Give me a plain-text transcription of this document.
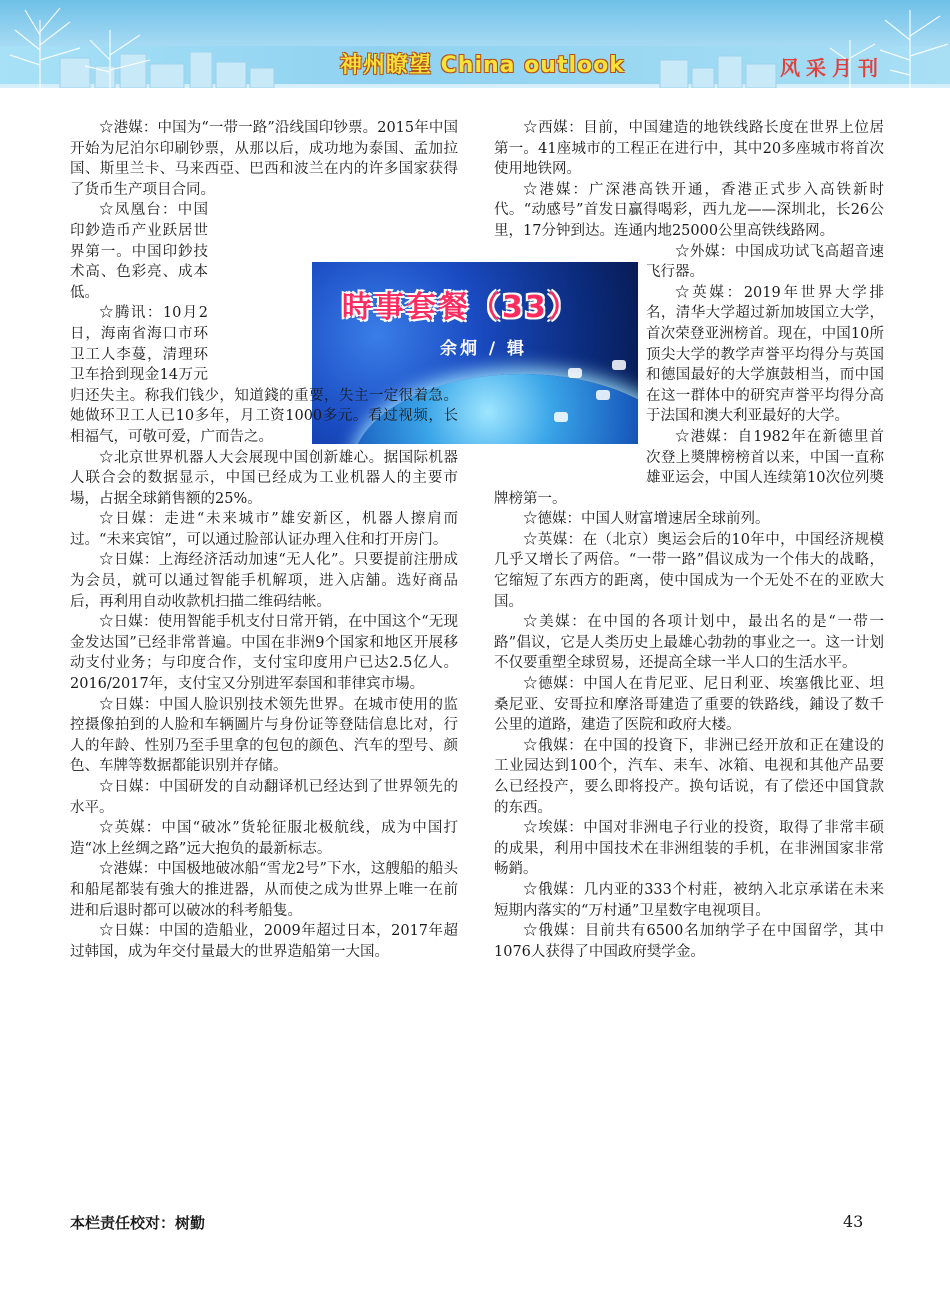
神州瞭望 China outlook	风采月刊
時事套餐（33）
余炯 / 辑

☆港媒：中国为“一带一路”沿线国印钞票。2015年中国开始为尼泊尔印刷钞票，从那以后，成功地为泰国、孟加拉国、斯里兰卡、马来西亞、巴西和波兰在内的许多国家获得了货币生产项目合同。

☆凤凰台：中国印鈔造币产业跃居世界第一。中国印鈔技术高、色彩亮、成本低。

☆腾讯：10月2日，海南省海口市环卫工人李蔓，清理环卫车拾到现金14万元归还失主。称我们钱少，知道錢的重要，失主一定很着急。她做环卫工人已10多年，月工资1000多元。看过视频，长相福气，可敬可爱，广而告之。

☆北京世界机器人大会展现中国创新雄心。据国际机器人联合会的数据显示，中国已经成为工业机器人的主要市場，占据全球銷售额的25%。

☆日媒：走进“未来城市”雄安新区，机器人擦肩而过。“未来宾馆”，可以通过脸部认证办理入住和打开房门。

☆日媒：上海经济活动加速“无人化”。只要提前注册成为会员，就可以通过智能手机解项，进入店舖。选好商品后，再利用自动收款机扫描二维码结帐。

☆日媒：使用智能手机支付日常开销，在中国这个“无现金发达国”已经非常普遍。中国在非洲9个国家和地区开展移动支付业务；与印度合作，支付宝印度用户已达2.5亿人。2016/2017年，支付宝又分别进军泰国和菲律宾市場。

☆日媒：中国人脸识别技术领先世界。在城市使用的监控摄像拍到的人脸和车辆圖片与身份证等登陆信息比对，行人的年龄、性别乃至手里拿的包包的颜色、汽车的型号、颜色、车牌等数据都能识别并存储。

☆日媒：中国研发的自动翻译机已经达到了世界领先的水平。

☆英媒：中国“破冰”货轮征服北极航线，成为中国打造“冰上丝绸之路”远大抱负的最新标志。

☆港媒：中国极地破冰船“雪龙2号”下水，这艘船的船头和船尾都装有強大的推进器，从而使之成为世界上唯一在前进和后退时都可以破冰的科考船隻。

☆日媒：中国的造船业，2009年超过日本，2017年超过韩国，成为年交付量最大的世界造船第一大国。

☆西媒：目前，中国建造的地铁线路长度在世界上位居第一。41座城市的工程正在进行中，其中20多座城市将首次使用地铁网。

☆港媒：广深港高铁开通，香港正式步入高铁新时代。“动感号”首发日贏得喝彩，西九龙——深圳北，长26公里，17分钟到达。连通内地25000公里高铁线路网。

☆外媒：中国成功试飞高超音速飞行器。

☆英媒：2019年世界大学排名，清华大学超过新加坡国立大学，首次荣登亚洲榜首。现在，中国10所顶尖大学的教学声誉平均得分与英国和德国最好的大学旗鼓相当，而中国在这一群体中的研究声誉平均得分高于法国和澳大利亚最好的大学。

☆港媒：自1982年在新德里首次登上奬牌榜榜首以来，中国一直称雄亚运会，中国人连续第10次位列奬牌榜第一。

☆德媒：中国人财富增速居全球前列。

☆英媒：在（北京）奥运会后的10年中，中国经济规模几乎又增长了两倍。“一带一路”倡议成为一个伟大的战略，它缩短了东西方的距离，使中国成为一个无处不在的亚欧大国。

☆美媒：在中国的各项计划中，最出名的是“一带一路”倡议，它是人类历史上最雄心勃勃的事业之一。这一计划不仅要重塑全球贸易，还提高全球一半人口的生活水平。

☆德媒：中国人在肯尼亚、尼日利亚、埃塞俄比亚、坦桑尼亚、安哥拉和摩洛哥建造了重要的铁路线，鋪设了数千公里的道路，建造了医院和政府大楼。

☆俄媒：在中国的投資下，非洲已经开放和正在建设的工业园达到100个，汽车、耒车、冰箱、电视和其他产品要么已经投产，要么即将投产。换句话说，有了偿还中国貸款的东西。

☆埃媒：中国对非洲电子行业的投资，取得了非常丰硕的成果，利用中国技术在非洲组装的手机，在非洲国家非常畅銷。

☆俄媒：几内亚的333个村莊，被纳入北京承诺在未来短期内落实的“万村通”卫星数字电视项目。

☆俄媒：目前共有6500名加纳学子在中国留学，其中1076人获得了中国政府奨学金。

本栏责任校对：树勤	43
